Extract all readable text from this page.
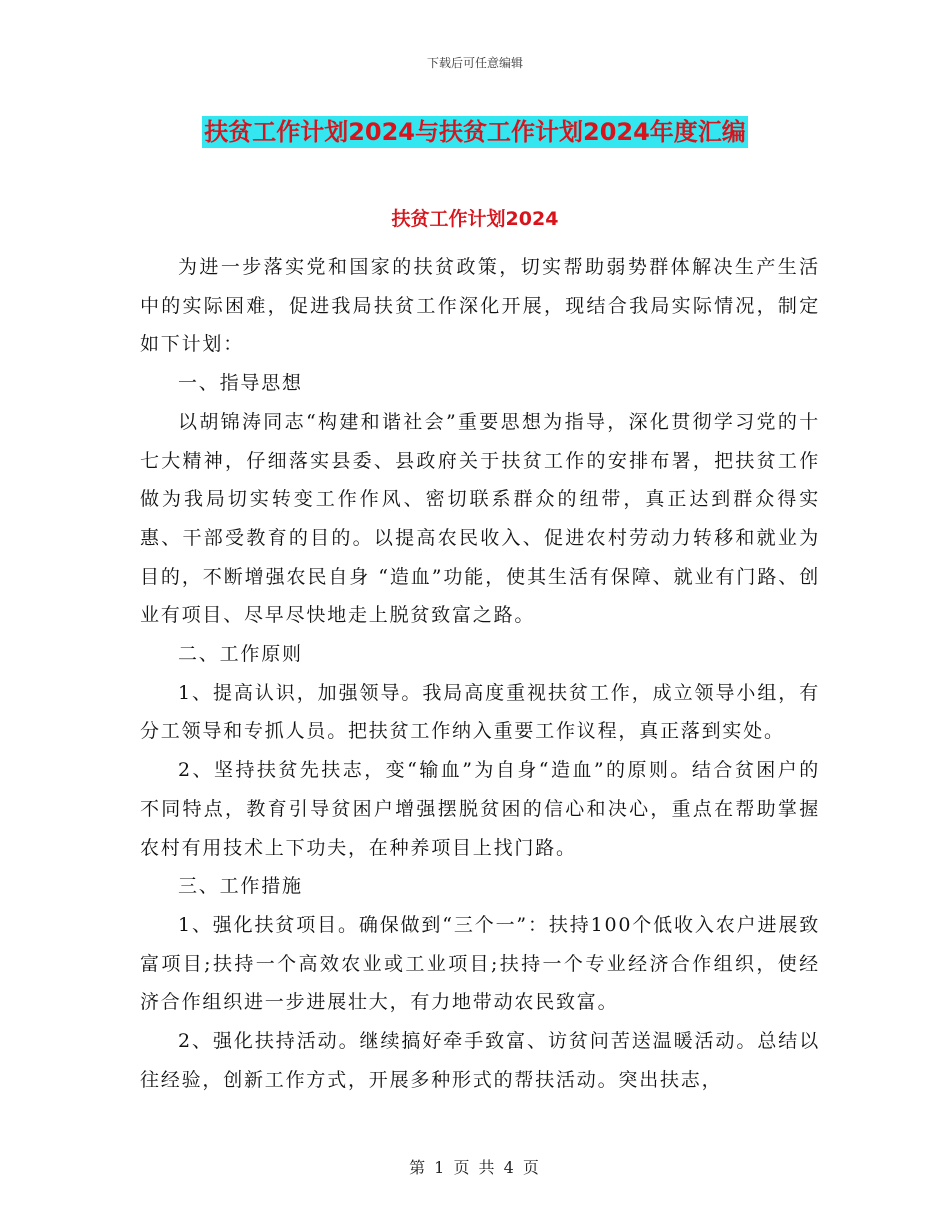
下载后可任意编辑
扶贫工作计划2024与扶贫工作计划2024年度汇编
扶贫工作计划2024

为进一步落实党和国家的扶贫政策，切实帮助弱势群体解决生产生活中的实际困难，促进我局扶贫工作深化开展，现结合我局实际情况，制定如下计划：

一、指导思想

以胡锦涛同志“构建和谐社会”重要思想为指导，深化贯彻学习党的十七大精神，仔细落实县委、县政府关于扶贫工作的安排布署，把扶贫工作做为我局切实转变工作作风、密切联系群众的纽带，真正达到群众得实惠、干部受教育的目的。以提高农民收入、促进农村劳动力转移和就业为目的，不断增强农民自身 “造血”功能，使其生活有保障、就业有门路、创业有项目、尽早尽快地走上脱贫致富之路。

二、工作原则

1、提高认识，加强领导。我局高度重视扶贫工作，成立领导小组，有分工领导和专抓人员。把扶贫工作纳入重要工作议程，真正落到实处。

2、坚持扶贫先扶志，变“输血”为自身“造血”的原则。结合贫困户的不同特点，教育引导贫困户增强摆脱贫困的信心和决心，重点在帮助掌握农村有用技术上下功夫，在种养项目上找门路。

三、工作措施

1、强化扶贫项目。确保做到“三个一”：扶持100个低收入农户进展致富项目;扶持一个高效农业或工业项目;扶持一个专业经济合作组织，使经济合作组织进一步进展壮大，有力地带动农民致富。

2、强化扶持活动。继续搞好牵手致富、访贫问苦送温暖活动。总结以往经验，创新工作方式，开展多种形式的帮扶活动。突出扶志，

第 1 页 共 4 页
